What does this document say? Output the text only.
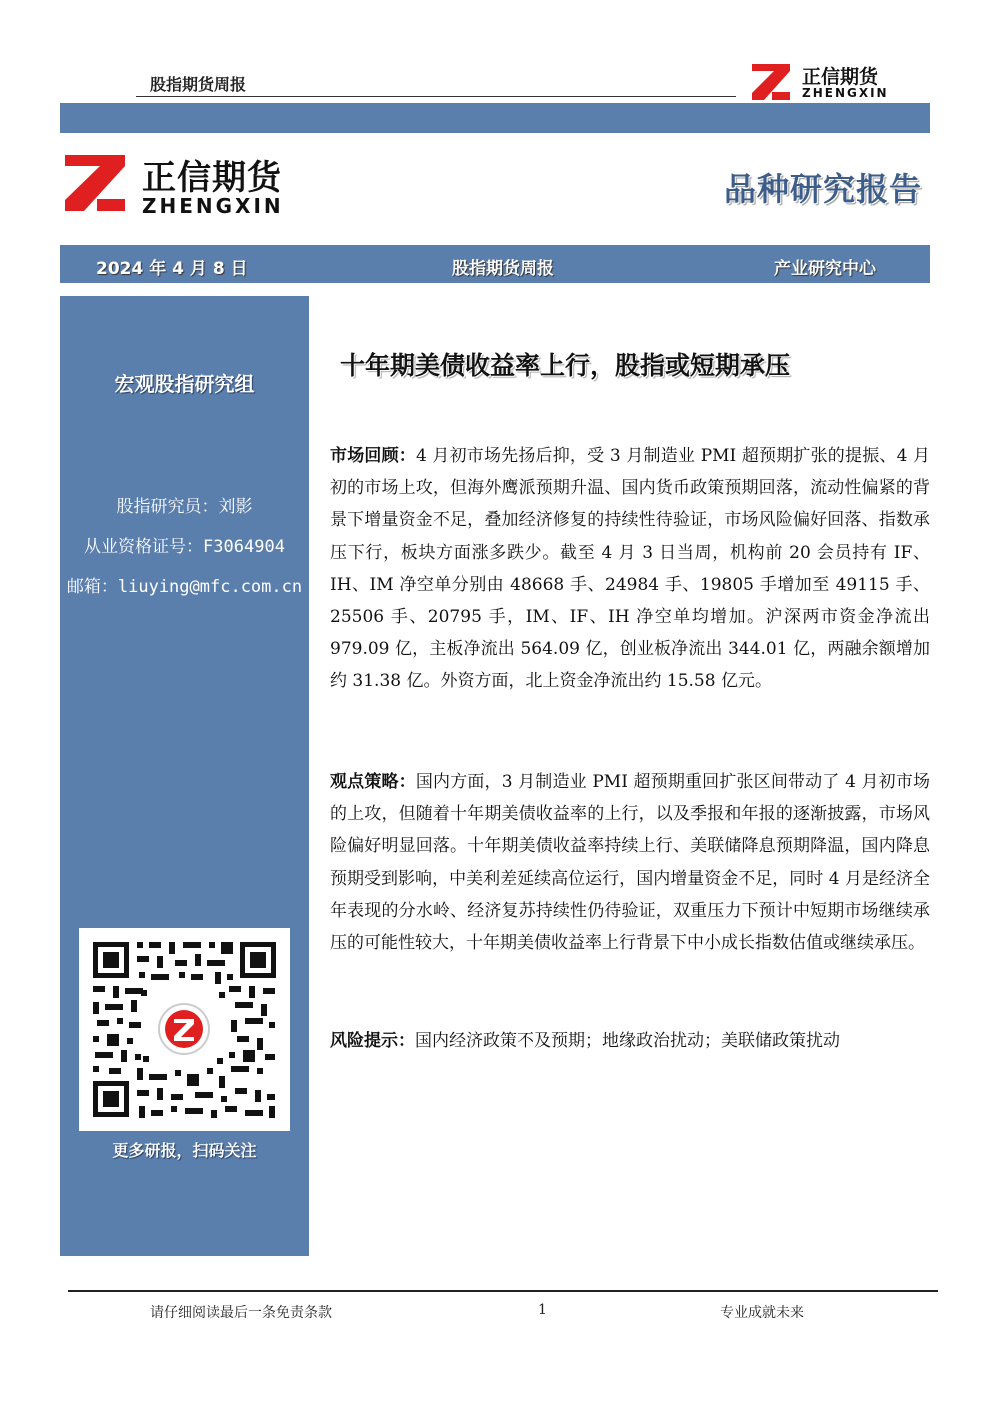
股指期货周报	正信期货
ZHENGXIN
正信期货
ZHENGXIN	品种研究报告
2024 年 4 月 8 日	股指期货周报	产业研究中心
宏观股指研究组
股指研究员：刘影
从业资格证号：F3064904
邮箱：liuying@mfc.com.cn
更多研报，扫码关注
十年期美债收益率上行，股指或短期承压
市场回顾：4 月初市场先扬后抑，受 3 月制造业 PMI 超预期扩张的提振、4 月初的市场上攻，但海外鹰派预期升温、国内货币政策预期回落，流动性偏紧的背景下增量资金不足，叠加经济修复的持续性待验证，市场风险偏好回落、指数承压下行，板块方面涨多跌少。截至 4 月 3 日当周，机构前 20 会员持有 IF、IH、IM 净空单分别由 48668 手、24984 手、19805 手增加至 49115 手、25506 手、20795 手，IM、IF、IH 净空单均增加。沪深两市资金净流出 979.09 亿，主板净流出 564.09 亿，创业板净流出 344.01 亿，两融余额增加约 31.38 亿。外资方面，北上资金净流出约 15.58 亿元。
观点策略：国内方面，3 月制造业 PMI 超预期重回扩张区间带动了 4 月初市场的上攻，但随着十年期美债收益率的上行，以及季报和年报的逐渐披露，市场风险偏好明显回落。十年期美债收益率持续上行、美联储降息预期降温，国内降息预期受到影响，中美利差延续高位运行，国内增量资金不足，同时 4 月是经济全年表现的分水岭、经济复苏持续性仍待验证，双重压力下预计中短期市场继续承压的可能性较大，十年期美债收益率上行背景下中小成长指数估值或继续承压。
风险提示：国内经济政策不及预期；地缘政治扰动；美联储政策扰动
请仔细阅读最后一条免责条款	1	专业成就未来
